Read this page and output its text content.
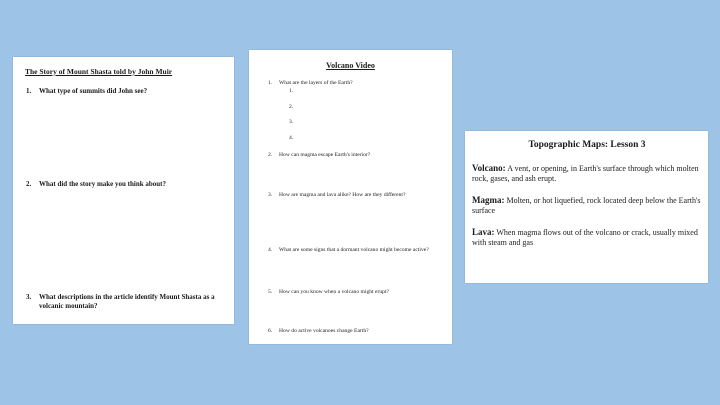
The Story of Mount Shasta told by John Muir
1.	What type of summits did John see?
2.	What did the story make you think about?
3.	What descriptions in the article identify Mount Shasta as a volcanic mountain?
Volcano Video
1.	What are the layers of the Earth?
1.
2.
3.
4.
2.	How can magma escape Earth's interior?
3.	How are magma and lava alike? How are they different?
4.	What are some signs that a dormant volcano might become active?
5.	How can you know when a volcano might erupt?
6.	How do active volcanoes change Earth?
Topographic Maps: Lesson 3
Volcano: A vent, or opening, in Earth's surface through which molten rock, gases, and ash erupt.
Magma: Molten, or hot liquefied, rock located deep below the Earth's surface
Lava: When magma flows out of the volcano or crack, usually mixed with steam and gas
